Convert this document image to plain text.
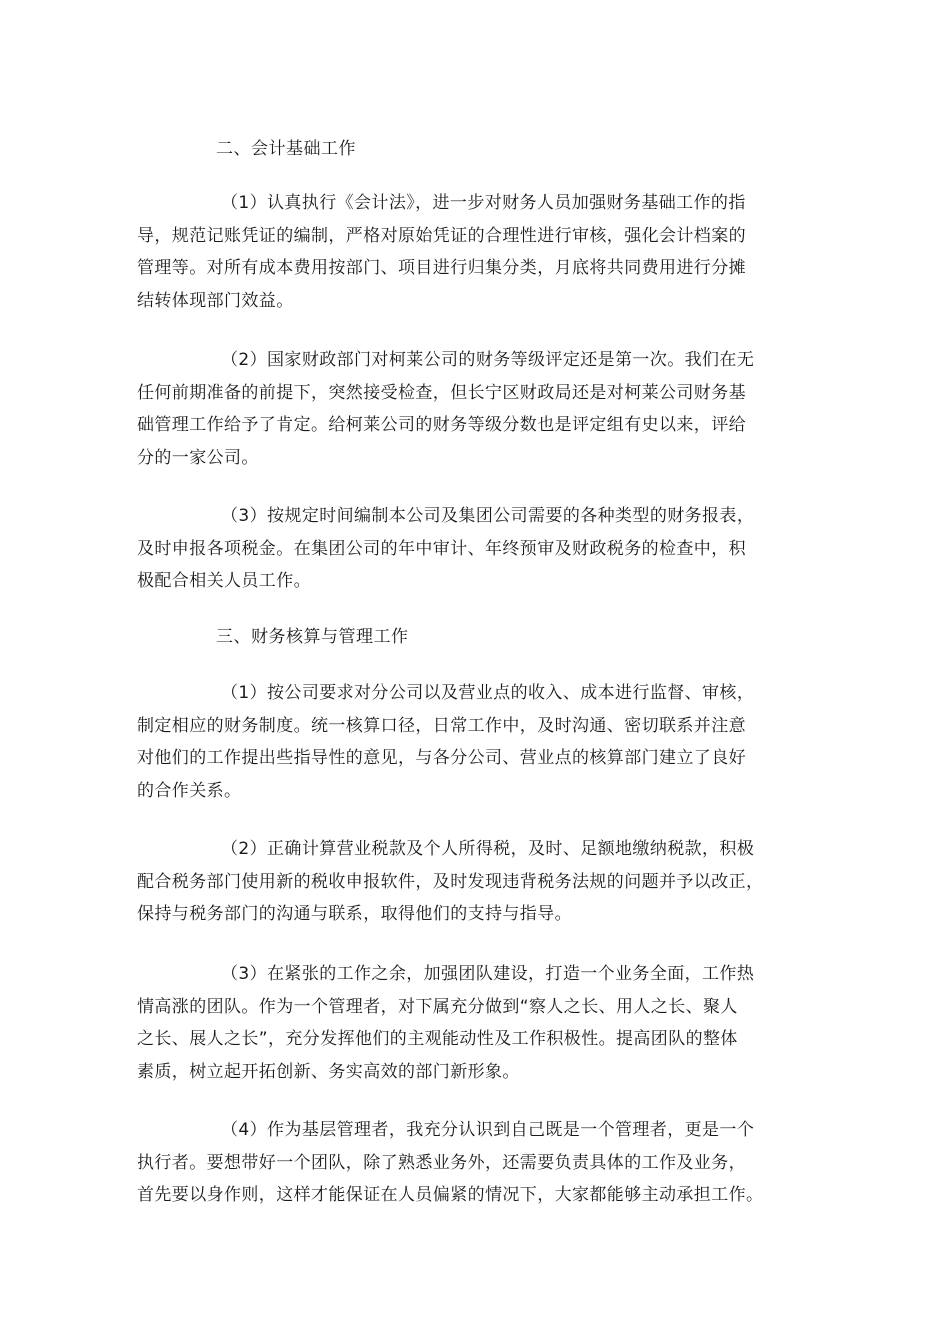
二、会计基础工作
（1）认真执行《会计法》，进一步对财务人员加强财务基础工作的指
导，规范记账凭证的编制，严格对原始凭证的合理性进行审核，强化会计档案的
管理等。对所有成本费用按部门、项目进行归集分类，月底将共同费用进行分摊
结转体现部门效益。
（2）国家财政部门对柯莱公司的财务等级评定还是第一次。我们在无
任何前期准备的前提下，突然接受检查，但长宁区财政局还是对柯莱公司财务基
础管理工作给予了肯定。给柯莱公司的财务等级分数也是评定组有史以来，评给
分的一家公司。
（3）按规定时间编制本公司及集团公司需要的各种类型的财务报表，
及时申报各项税金。在集团公司的年中审计、年终预审及财政税务的检查中，积
极配合相关人员工作。
三、财务核算与管理工作
（1）按公司要求对分公司以及营业点的收入、成本进行监督、审核，
制定相应的财务制度。统一核算口径，日常工作中，及时沟通、密切联系并注意
对他们的工作提出些指导性的意见，与各分公司、营业点的核算部门建立了良好
的合作关系。
（2）正确计算营业税款及个人所得税，及时、足额地缴纳税款，积极
配合税务部门使用新的税收申报软件，及时发现违背税务法规的问题并予以改正，
保持与税务部门的沟通与联系，取得他们的支持与指导。
（3）在紧张的工作之余，加强团队建设，打造一个业务全面，工作热
情高涨的团队。作为一个管理者，对下属充分做到“察人之长、用人之长、聚人
之长、展人之长”，充分发挥他们的主观能动性及工作积极性。提高团队的整体
素质，树立起开拓创新、务实高效的部门新形象。
（4）作为基层管理者，我充分认识到自己既是一个管理者，更是一个
执行者。要想带好一个团队，除了熟悉业务外，还需要负责具体的工作及业务，
首先要以身作则，这样才能保证在人员偏紧的情况下，大家都能够主动承担工作。
